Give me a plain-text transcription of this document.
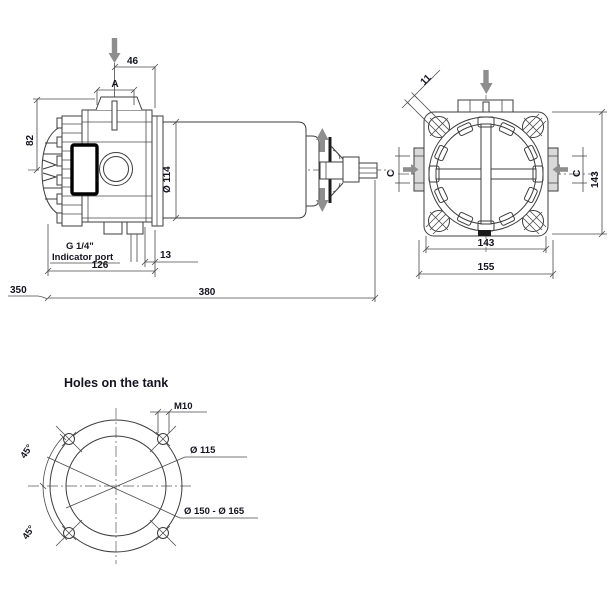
46
A
82
Ø 114
G 1/4"
Indicator port	13
126
380
350
C	C
11
143
155
143
Holes on the tank
M10
Ø 115
Ø 150 - Ø 165
45°
45°
